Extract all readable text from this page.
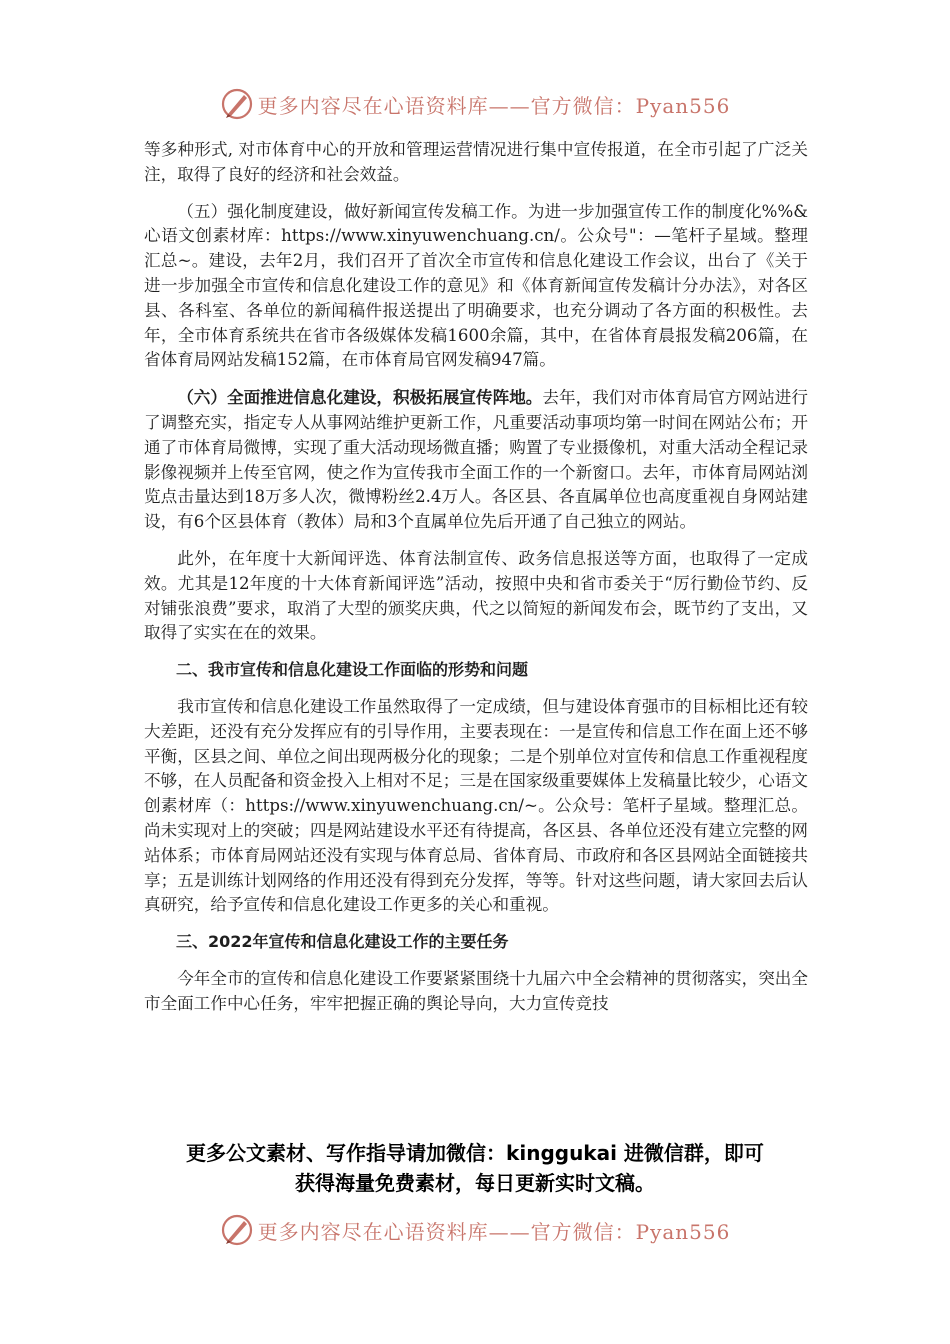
更多内容尽在心语资料库——官方微信：Pyan556

等多种形式, 对市体育中心的开放和管理运营情况进行集中宣传报道，在全市引起了广泛关注，取得了良好的经济和社会效益。

（五）强化制度建设，做好新闻宣传发稿工作。为进一步加强宣传工作的制度化%%&心语文创素材库：https://www.xinyuwenchuang.cn/。公众号"：—笔杆子星域。整理汇总~。建设，去年2月，我们召开了首次全市宣传和信息化建设工作会议，出台了《关于进一步加强全市宣传和信息化建设工作的意见》和《体育新闻宣传发稿计分办法》，对各区县、各科室、各单位的新闻稿件报送提出了明确要求，也充分调动了各方面的积极性。去年，全市体育系统共在省市各级媒体发稿1600余篇，其中，在省体育晨报发稿206篇，在省体育局网站发稿152篇，在市体育局官网发稿947篇。

（六）全面推进信息化建设，积极拓展宣传阵地。去年，我们对市体育局官方网站进行了调整充实，指定专人从事网站维护更新工作，凡重要活动事项均第一时间在网站公布；开通了市体育局微博，实现了重大活动现场微直播；购置了专业摄像机，对重大活动全程记录影像视频并上传至官网，使之作为宣传我市全面工作的一个新窗口。去年，市体育局网站浏览点击量达到18万多人次，微博粉丝2.4万人。各区县、各直属单位也高度重视自身网站建设，有6个区县体育（教体）局和3个直属单位先后开通了自己独立的网站。

此外，在年度十大新闻评选、体育法制宣传、政务信息报送等方面，也取得了一定成效。尤其是12年度的十大体育新闻评选”活动，按照中央和省市委关于“厉行勤俭节约、反对铺张浪费”要求，取消了大型的颁奖庆典，代之以简短的新闻发布会，既节约了支出，又取得了实实在在的效果。

二、我市宣传和信息化建设工作面临的形势和问题

我市宣传和信息化建设工作虽然取得了一定成绩，但与建设体育强市的目标相比还有较大差距，还没有充分发挥应有的引导作用，主要表现在：一是宣传和信息工作在面上还不够平衡，区县之间、单位之间出现两极分化的现象；二是个别单位对宣传和信息工作重视程度不够，在人员配备和资金投入上相对不足；三是在国家级重要媒体上发稿量比较少，心语文创素材库（：https://www.xinyuwenchuang.cn/~。公众号：笔杆子星域。整理汇总。尚未实现对上的突破；四是网站建设水平还有待提高，各区县、各单位还没有建立完整的网站体系；市体育局网站还没有实现与体育总局、省体育局、市政府和各区县网站全面链接共享；五是训练计划网络的作用还没有得到充分发挥，等等。针对这些问题，请大家回去后认真研究，给予宣传和信息化建设工作更多的关心和重视。

三、2022年宣传和信息化建设工作的主要任务

今年全市的宣传和信息化建设工作要紧紧围绕十九届六中全会精神的贯彻落实，突出全市全面工作中心任务，牢牢把握正确的舆论导向，大力宣传竞技

更多公文素材、写作指导请加微信：kinggukai 进微信群，即可
获得海量免费素材，每日更新实时文稿。
更多内容尽在心语资料库——官方微信：Pyan556
